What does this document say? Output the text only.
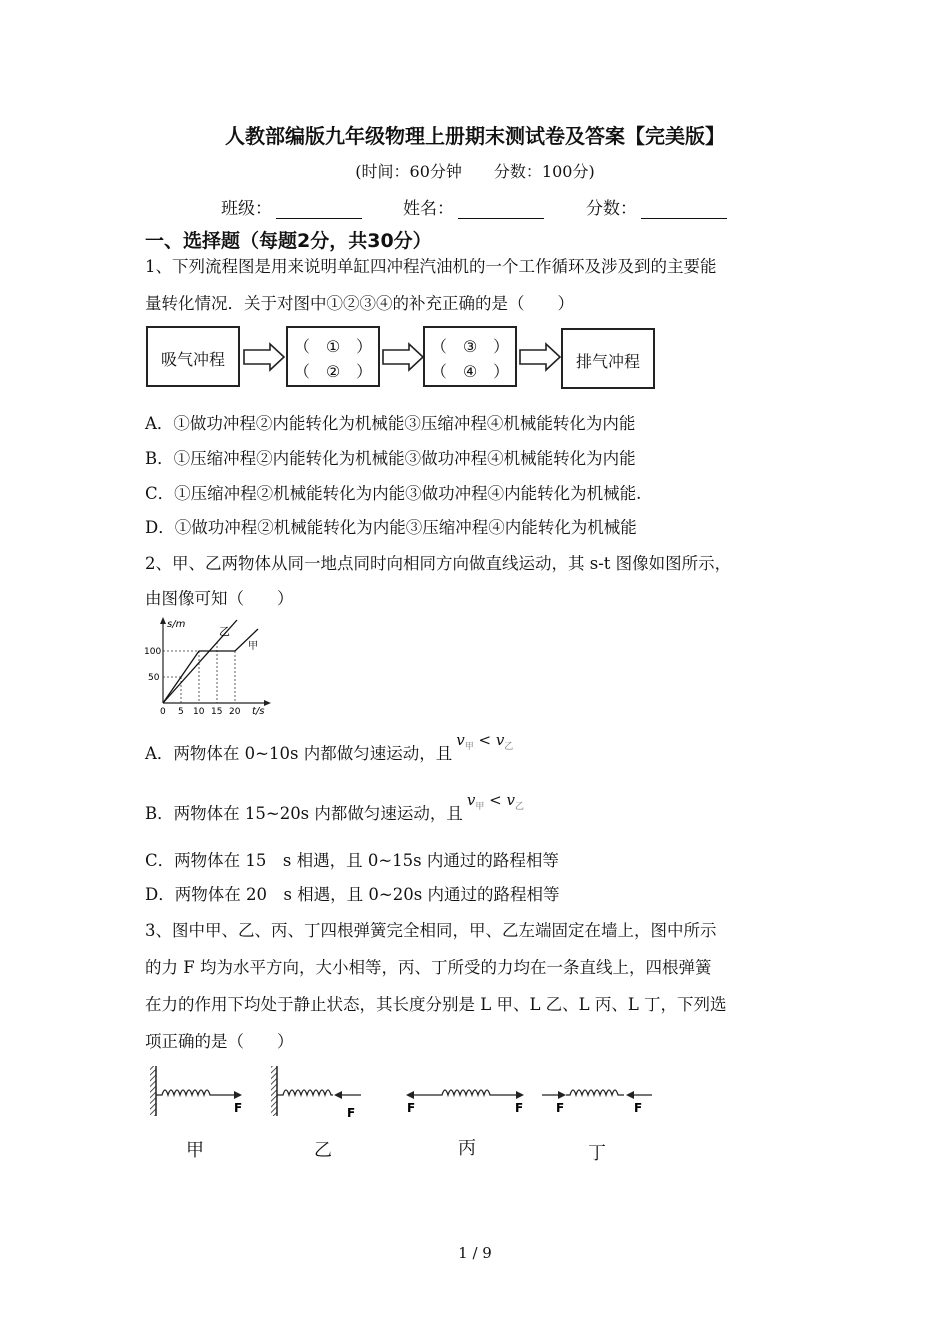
人教部编版九年级物理上册期末测试卷及答案【完美版】
(时间：60分钟　　分数：100分)
班级：	姓名：	分数：
一、选择题（每题2分，共30分）
1、下列流程图是用来说明单缸四冲程汽油机的一个工作循环及涉及到的主要能
量转化情况．关于对图中①②③④的补充正确的是（　　）
吸气冲程
（　①　）
（　②　）
（　③　）
（　④　）
排气冲程
A．①做功冲程②内能转化为机械能③压缩冲程④机械能转化为内能
B．①压缩冲程②内能转化为机械能③做功冲程④机械能转化为内能
C．①压缩冲程②机械能转化为内能③做功冲程④内能转化为机械能.
D．①做功冲程②机械能转化为内能③压缩冲程④内能转化为机械能
2、甲、乙两物体从同一地点同时向相同方向做直线运动，其 s-t 图像如图所示，
由图像可知（　　）
s/m
100
50
0 5 10 15 20 t/s
乙
甲
A．两物体在 0~10s 内都做匀速运动，且$v_甲 < v_乙$
B．两物体在 15~20s 内都做匀速运动，且$v_甲 < v_乙$
C．两物体在 15　s 相遇，且 0~15s 内通过的路程相等
D．两物体在 20　s 相遇，且 0~20s 内通过的路程相等
3、图中甲、乙、丙、丁四根弹簧完全相同，甲、乙左端固定在墙上，图中所示
的力 F 均为水平方向，大小相等，丙、丁所受的力均在一条直线上，四根弹簧
在力的作用下均处于静止状态，其长度分别是 L 甲、L 乙、L 丙、L 丁，下列选
项正确的是（　　）
F	F	F	F	F	F
甲	乙	丙	丁
1 / 9
